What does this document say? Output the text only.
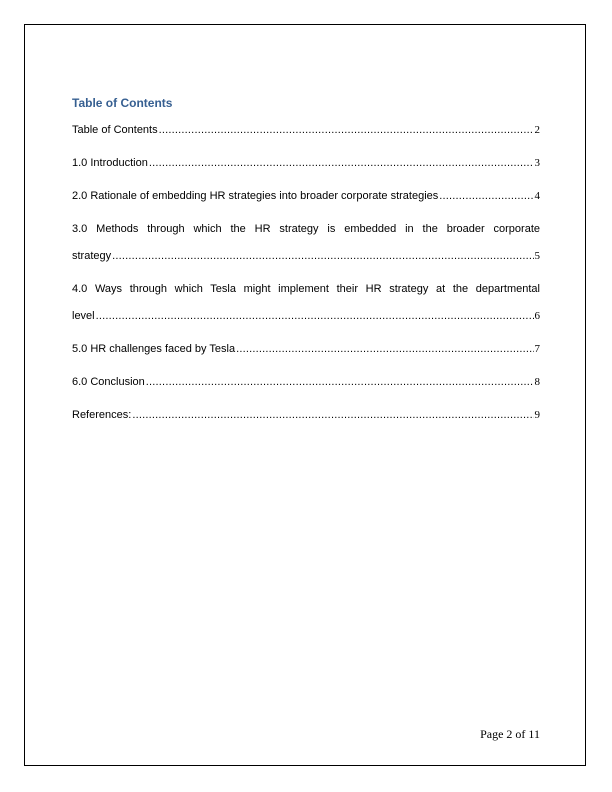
Table of Contents
Table of Contents .....	2
1.0 Introduction .....	3
2.0 Rationale of embedding HR strategies into broader corporate strategies .....	4
3.0 Methods through which the HR strategy is embedded in the broader corporate
strategy .....	5
4.0 Ways through which Tesla might implement their HR strategy at the departmental
level .....	6
5.0 HR challenges faced by Tesla .....	7
6.0 Conclusion .....	8
References: .....	9
Page 2 of 11
